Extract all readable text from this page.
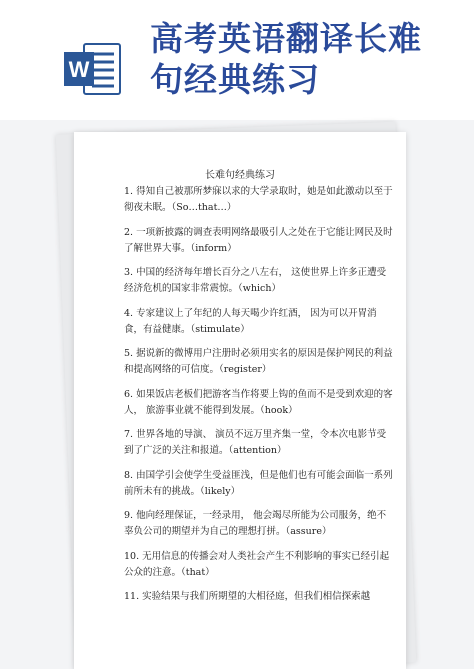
W
高考英语翻译长难
句经典练习
长难句经典练习

1. 得知自己被那所梦寐以求的大学录取时，她是如此激动以至于彻夜未眠。（So…that…）

2. 一项新披露的调查表明网络最吸引人之处在于它能让网民及时了解世界大事。（inform）

3. 中国的经济每年增长百分之八左右， 这使世界上许多正遭受经济危机的国家非常震惊。（which）

4. 专家建议上了年纪的人每天喝少许红酒， 因为可以开胃消食，有益健康。（stimulate）

5. 据说新的微博用户注册时必须用实名的原因是保护网民的利益和提高网络的可信度。（register）

6. 如果饭店老板们把游客当作将要上钩的鱼而不是受到欢迎的客人， 旅游事业就不能得到发展。（hook）

7. 世界各地的导演、 演员不远万里齐集一堂，令本次电影节受到了广泛的关注和报道。（attention）

8. 由国学引会使学生受益匪浅，但是他们也有可能会面临一系列前所未有的挑战。（likely）

9. 他向经理保证，一经录用， 他会竭尽所能为公司服务，绝不辜负公司的期望并为自己的理想打拼。（assure）

10. 无用信息的传播会对人类社会产生不利影响的事实已经引起公众的注意。（that）

11. 实验结果与我们所期望的大相径庭，但我们相信探索越
